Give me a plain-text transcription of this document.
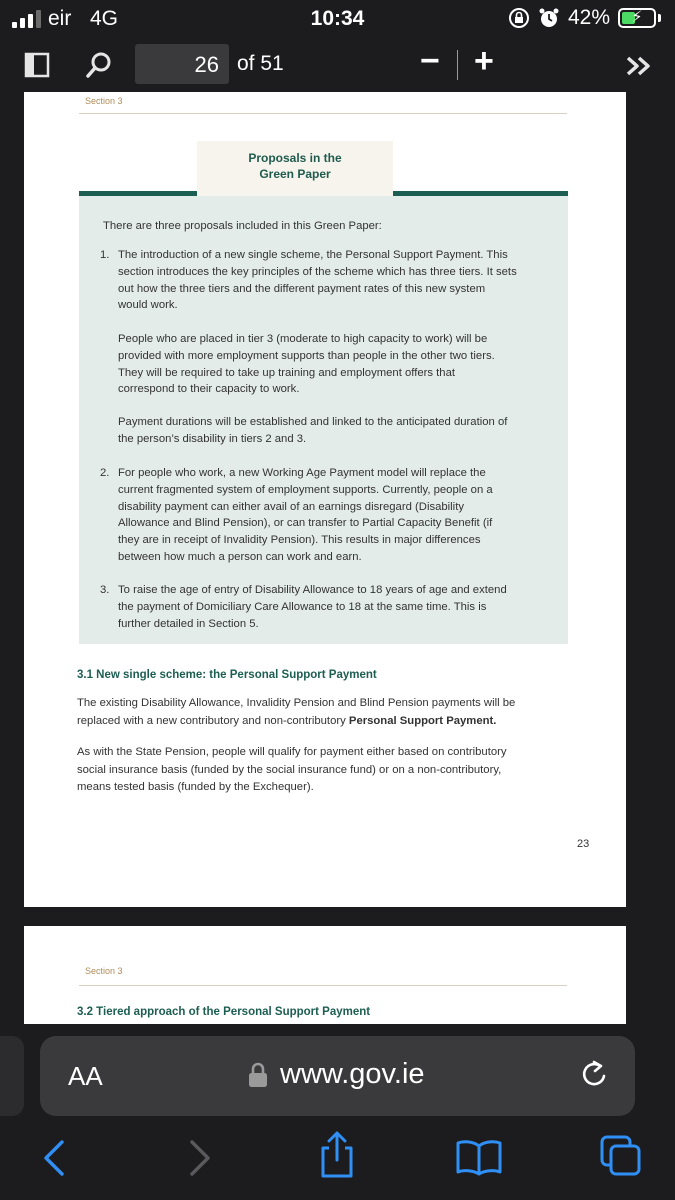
eir 4G	10:34	42%	⚡
26 of 51	− +
Section 3
Proposals in the
Green Paper
There are three proposals included in this Green Paper:
1. The introduction of a new single scheme, the Personal Support Payment. This
section introduces the key principles of the scheme which has three tiers. It sets
out how the three tiers and the different payment rates of this new system
would work.
People who are placed in tier 3 (moderate to high capacity to work) will be
provided with more employment supports than people in the other two tiers.
They will be required to take up training and employment offers that
correspond to their capacity to work.
Payment durations will be established and linked to the anticipated duration of
the person’s disability in tiers 2 and 3.
2. For people who work, a new Working Age Payment model will replace the
current fragmented system of employment supports. Currently, people on a
disability payment can either avail of an earnings disregard (Disability
Allowance and Blind Pension), or can transfer to Partial Capacity Benefit (if
they are in receipt of Invalidity Pension). This results in major differences
between how much a person can work and earn.
3. To raise the age of entry of Disability Allowance to 18 years of age and extend
the payment of Domiciliary Care Allowance to 18 at the same time. This is
further detailed in Section 5.
3.1 New single scheme: the Personal Support Payment
The existing Disability Allowance, Invalidity Pension and Blind Pension payments will be
replaced with a new contributory and non-contributory Personal Support Payment.
As with the State Pension, people will qualify for payment either based on contributory
social insurance basis (funded by the social insurance fund) or on a non-contributory,
means tested basis (funded by the Exchequer).
23
Section 3
3.2 Tiered approach of the Personal Support Payment
AA	www.gov.ie
